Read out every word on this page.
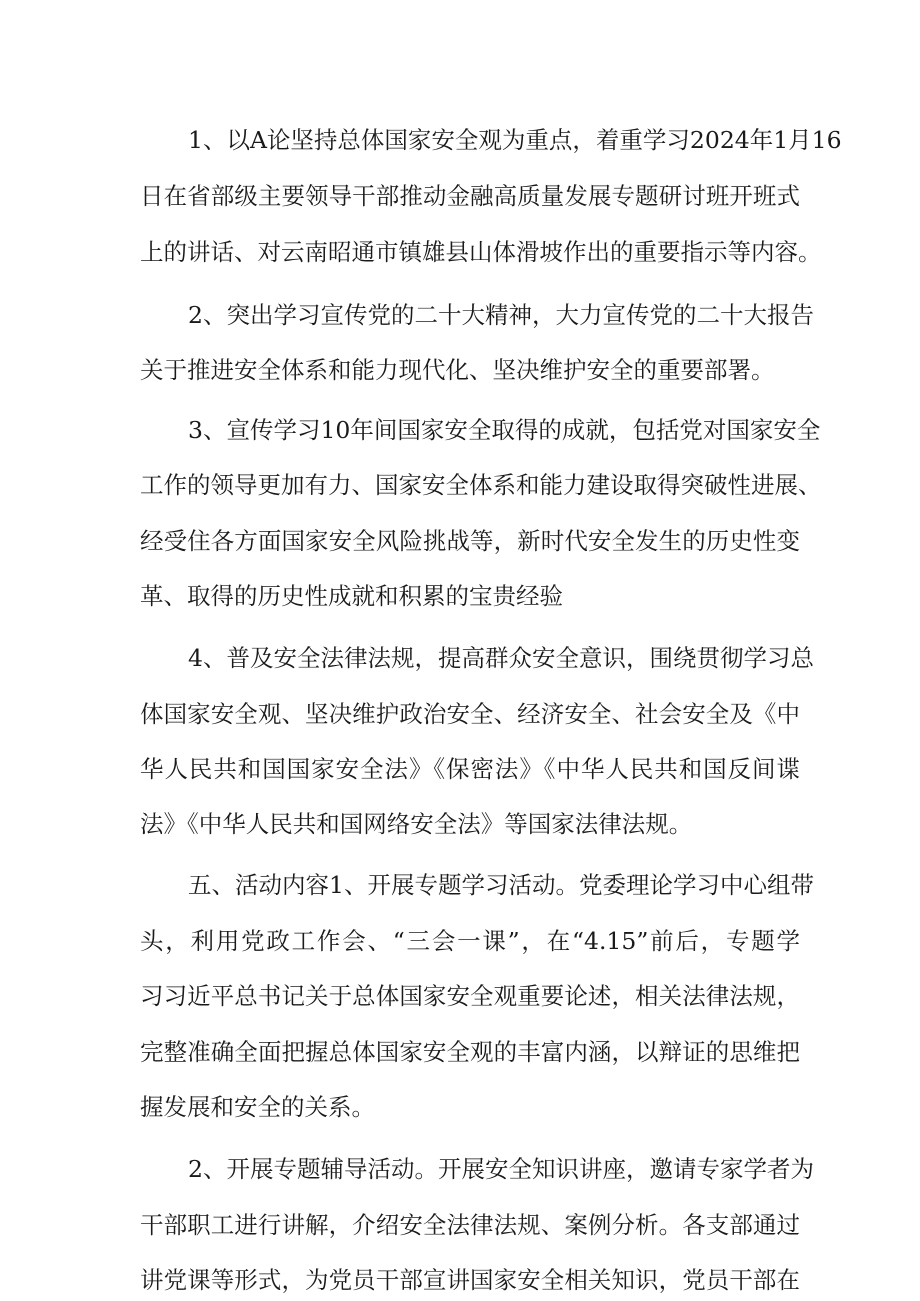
1、以A论坚持总体国家安全观为重点，着重学习2024年1月16
日在省部级主要领导干部推动金融高质量发展专题研讨班开班式
上的讲话、对云南昭通市镇雄县山体滑坡作出的重要指示等内容。
2、突出学习宣传党的二十大精神，大力宣传党的二十大报告
关于推进安全体系和能力现代化、坚决维护安全的重要部署。
3、宣传学习10年间国家安全取得的成就，包括党对国家安全
工作的领导更加有力、国家安全体系和能力建设取得突破性进展、
经受住各方面国家安全风险挑战等，新时代安全发生的历史性变
革、取得的历史性成就和积累的宝贵经验
4、普及安全法律法规，提高群众安全意识，围绕贯彻学习总
体国家安全观、坚决维护政治安全、经济安全、社会安全及《中
华人民共和国国家安全法》《保密法》《中华人民共和国反间谍
法》《中华人民共和国网络安全法》等国家法律法规。
五、活动内容1、开展专题学习活动。党委理论学习中心组带
头，利用党政工作会、“三会一课”，在“4.15”前后，专题学
习习近平总书记关于总体国家安全观重要论述，相关法律法规，
完整准确全面把握总体国家安全观的丰富内涵，以辩证的思维把
握发展和安全的关系。
2、开展专题辅导活动。开展安全知识讲座，邀请专家学者为
干部职工进行讲解，介绍安全法律法规、案例分析。各支部通过
讲党课等形式，为党员干部宣讲国家安全相关知识，党员干部在
